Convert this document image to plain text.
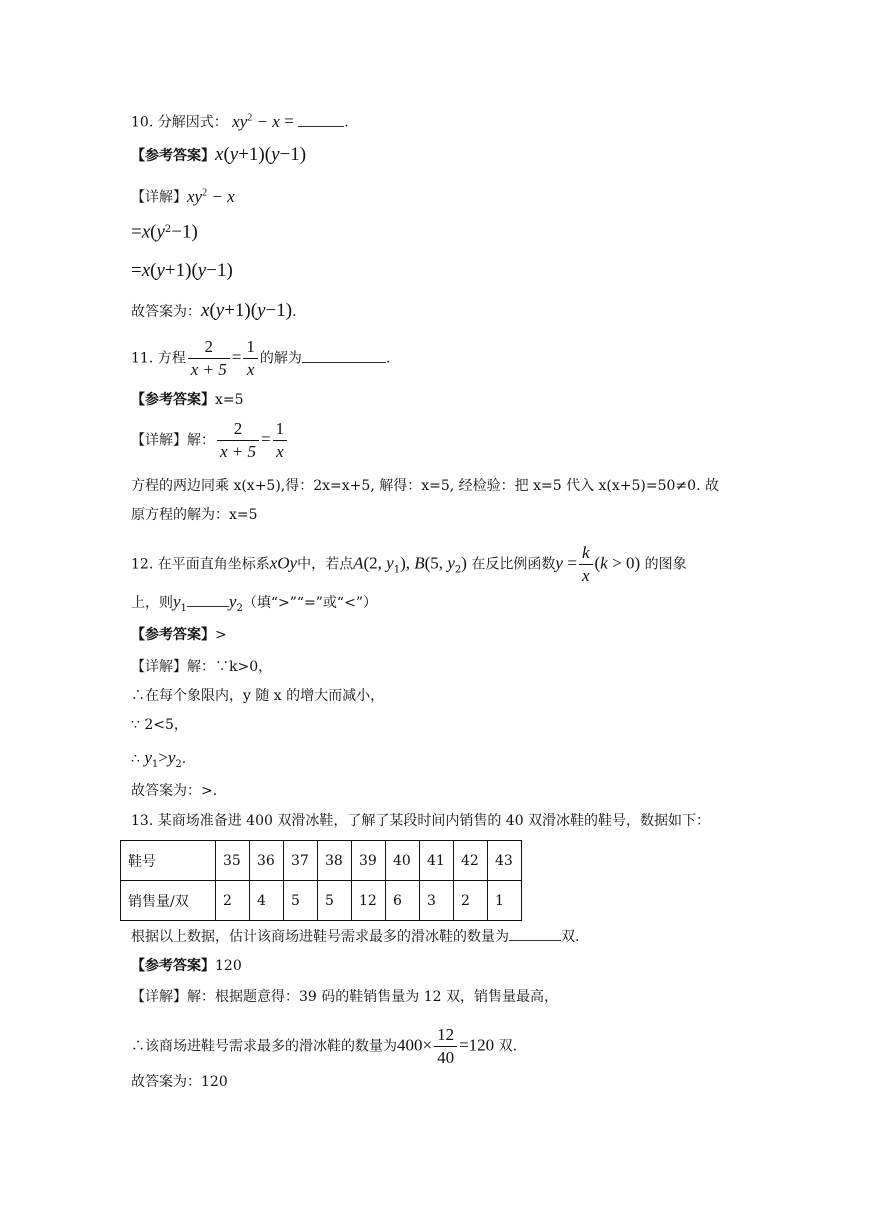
10. 分解因式： $xy^2 - x$ =	.
【参考答案】x(y+1)(y−1)
【详解】$xy^2 - x$
$=x(y^2-1)$
=x(y+1)(y−1)
故答案为：x(y+1)(y−1).
11. 方程 $\frac{2}{x + 5} = \frac{1}{x}$ 的解为	.
【参考答案】x=5
【详解】解： $\frac{2}{x + 5} = \frac{1}{x}$
方程的两边同乘 x(x+5),得：2x=x+5, 解得：x=5, 经检验：把 x=5 代入 x(x+5)=50≠0. 故
原方程的解为：x=5
12. 在平面直角坐标系xOy中，若点A(2, $y_1$), B(5, $y_2$) 在反比例函数$y = \frac{k}{x} (k > 0)$ 的图象
上，则$y_1$ $y_2$（填“>”“=”或“<”）
【参考答案】>
【详解】解：∵k>0，
∴在每个象限内，y 随 x 的增大而减小，
∵ 2<5，
∴ $y_1>y_2$.
故答案为：>.
13. 某商场准备进 400 双滑冰鞋，了解了某段时间内销售的 40 双滑冰鞋的鞋号，数据如下：
鞋号	35	36	37	38	39	40	41	42	43
销售量/双	2	4	5	5	12	6	3	2	1
根据以上数据，估计该商场进鞋号需求最多的滑冰鞋的数量为	双.
【参考答案】120
【详解】解：根据题意得：39 码的鞋销售量为 12 双，销售量最高，
∴该商场进鞋号需求最多的滑冰鞋的数量为$400\times \frac{12}{40} =120$ 双.
故答案为：120
